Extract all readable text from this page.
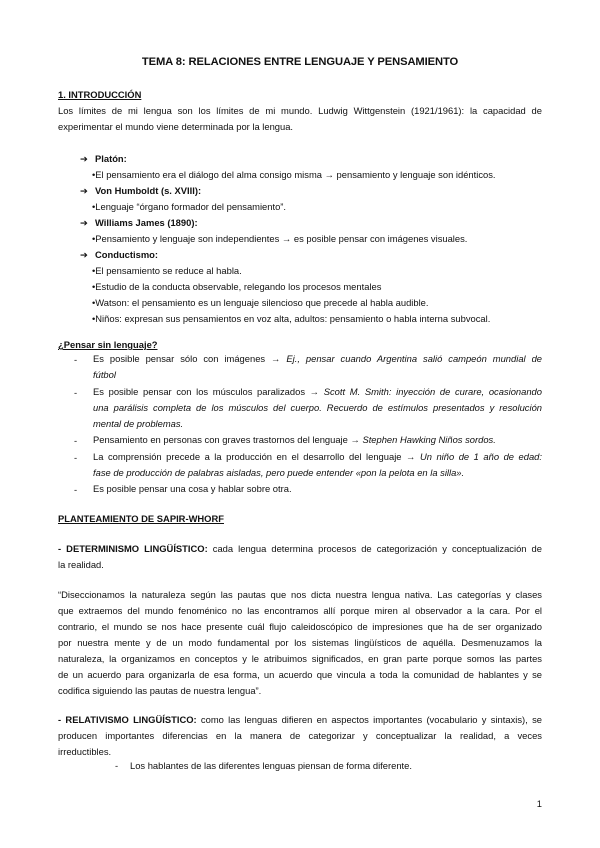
TEMA 8: RELACIONES ENTRE LENGUAJE Y PENSAMIENTO
1. INTRODUCCIÓN
Los límites de mi lengua son los límites de mi mundo. Ludwig Wittgenstein (1921/1961): la capacidad de
experimentar el mundo viene determinada por la lengua.
➔ Platón:
•El pensamiento era el diálogo del alma consigo misma → pensamiento y lenguaje son idénticos.
➔ Von Humboldt (s. XVIII):
•Lenguaje “órgano formador del pensamiento”.
➔ Williams James (1890):
•Pensamiento y lenguaje son independientes → es posible pensar con imágenes visuales.
➔ Conductismo:
•El pensamiento se reduce al habla.
•Estudio de la conducta observable, relegando los procesos mentales
•Watson: el pensamiento es un lenguaje silencioso que precede al habla audible.
•Niños: expresan sus pensamientos en voz alta, adultos: pensamiento o habla interna subvocal.
¿Pensar sin lenguaje?
- Es posible pensar sólo con imágenes → Ej., pensar cuando Argentina salió campeón mundial de
fútbol
- Es posible pensar con los músculos paralizados → Scott M. Smith: inyección de curare, ocasionando
una parálisis completa de los músculos del cuerpo. Recuerdo de estímulos presentados y resolución
mental de problemas.
- Pensamiento en personas con graves trastornos del lenguaje → Stephen Hawking Niños sordos.
- La comprensión precede a la producción en el desarrollo del lenguaje → Un niño de 1 año de edad:
fase de producción de palabras aisladas, pero puede entender «pon la pelota en la silla».
- Es posible pensar una cosa y hablar sobre otra.
PLANTEAMIENTO DE SAPIR-WHORF
- DETERMINISMO LINGÜÍSTICO: cada lengua determina procesos de categorización y conceptualización de
la realidad.
“Diseccionamos la naturaleza según las pautas que nos dicta nuestra lengua nativa. Las categorías y clases
que extraemos del mundo fenoménico no las encontramos allí porque miren al observador a la cara. Por el
contrario, el mundo se nos hace presente cuál flujo caleidoscópico de impresiones que ha de ser organizado
por nuestra mente y de un modo fundamental por los sistemas lingüísticos de aquélla. Desmenuzamos la
naturaleza, la organizamos en conceptos y le atribuimos significados, en gran parte porque somos las partes
de un acuerdo para organizarla de esa forma, un acuerdo que vincula a toda la comunidad de hablantes y se
codifica siguiendo las pautas de nuestra lengua”.
- RELATIVISMO LINGÜÍSTICO: como las lenguas difieren en aspectos importantes (vocabulario y sintaxis), se
producen importantes diferencias en la manera de categorizar y conceptualizar la realidad, a veces
irreductibles.
- Los hablantes de las diferentes lenguas piensan de forma diferente.
1
